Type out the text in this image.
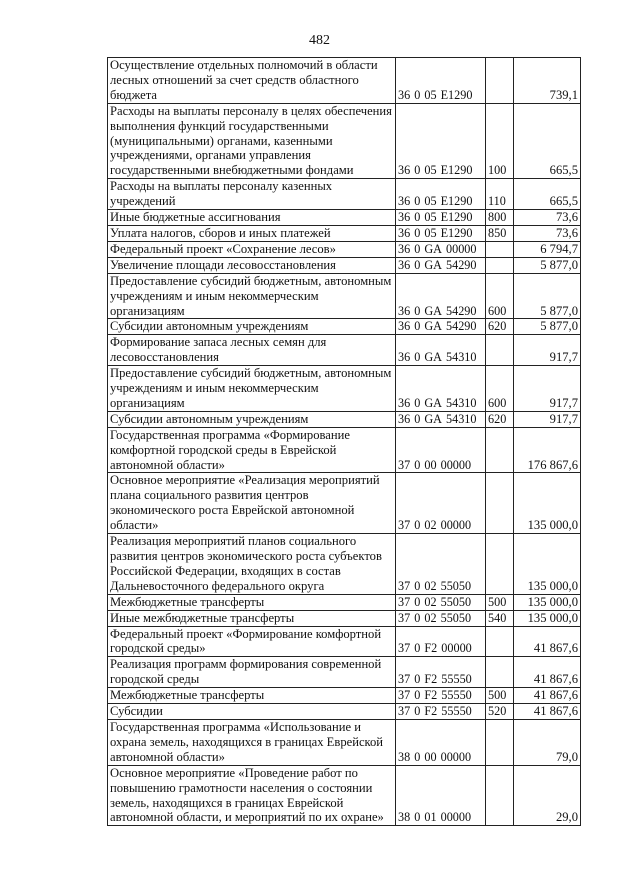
482
Осуществление отдельных полномочий в области лесных отношений за счет средств областного бюджета	36 0 05 Е1290		739,1
Расходы на выплаты персоналу в целях обеспечения выполнения функций государственными (муниципальными) органами, казенными учреждениями, органами управления государственными внебюджетными фондами	36 0 05 Е1290	100	665,5
Расходы на выплаты персоналу казенных учреждений	36 0 05 Е1290	110	665,5
Иные бюджетные ассигнования	36 0 05 Е1290	800	73,6
Уплата налогов, сборов и иных платежей	36 0 05 Е1290	850	73,6
Федеральный проект «Сохранение лесов»	36 0 GА 00000		6 794,7
Увеличение площади лесовосстановления	36 0 GА 54290		5 877,0
Предоставление субсидий бюджетным, автономным учреждениям и иным некоммерческим организациям	36 0 GА 54290	600	5 877,0
Субсидии автономным учреждениям	36 0 GА 54290	620	5 877,0
Формирование запаса лесных семян для лесовосстановления	36 0 GА 54310		917,7
Предоставление субсидий бюджетным, автономным учреждениям и иным некоммерческим организациям	36 0 GА 54310	600	917,7
Субсидии автономным учреждениям	36 0 GА 54310	620	917,7
Государственная программа «Формирование комфортной городской среды в Еврейской автономной области»	37 0 00 00000		176 867,6
Основное мероприятие «Реализация мероприятий плана социального развития центров экономического роста Еврейской автономной области»	37 0 02 00000		135 000,0
Реализация мероприятий планов социального развития центров экономического роста субъектов Российской Федерации, входящих в состав Дальневосточного федерального округа	37 0 02 55050		135 000,0
Межбюджетные трансферты	37 0 02 55050	500	135 000,0
Иные межбюджетные трансферты	37 0 02 55050	540	135 000,0
Федеральный проект «Формирование комфортной городской среды»	37 0 F2 00000		41 867,6
Реализация программ формирования современной городской среды	37 0 F2 55550		41 867,6
Межбюджетные трансферты	37 0 F2 55550	500	41 867,6
Субсидии	37 0 F2 55550	520	41 867,6
Государственная программа «Использование и охрана земель, находящихся в границах Еврейской автономной области»	38 0 00 00000		79,0
Основное мероприятие «Проведение работ по повышению грамотности населения о состоянии земель, находящихся в границах Еврейской автономной области, и мероприятий по их охране»	38 0 01 00000		29,0
